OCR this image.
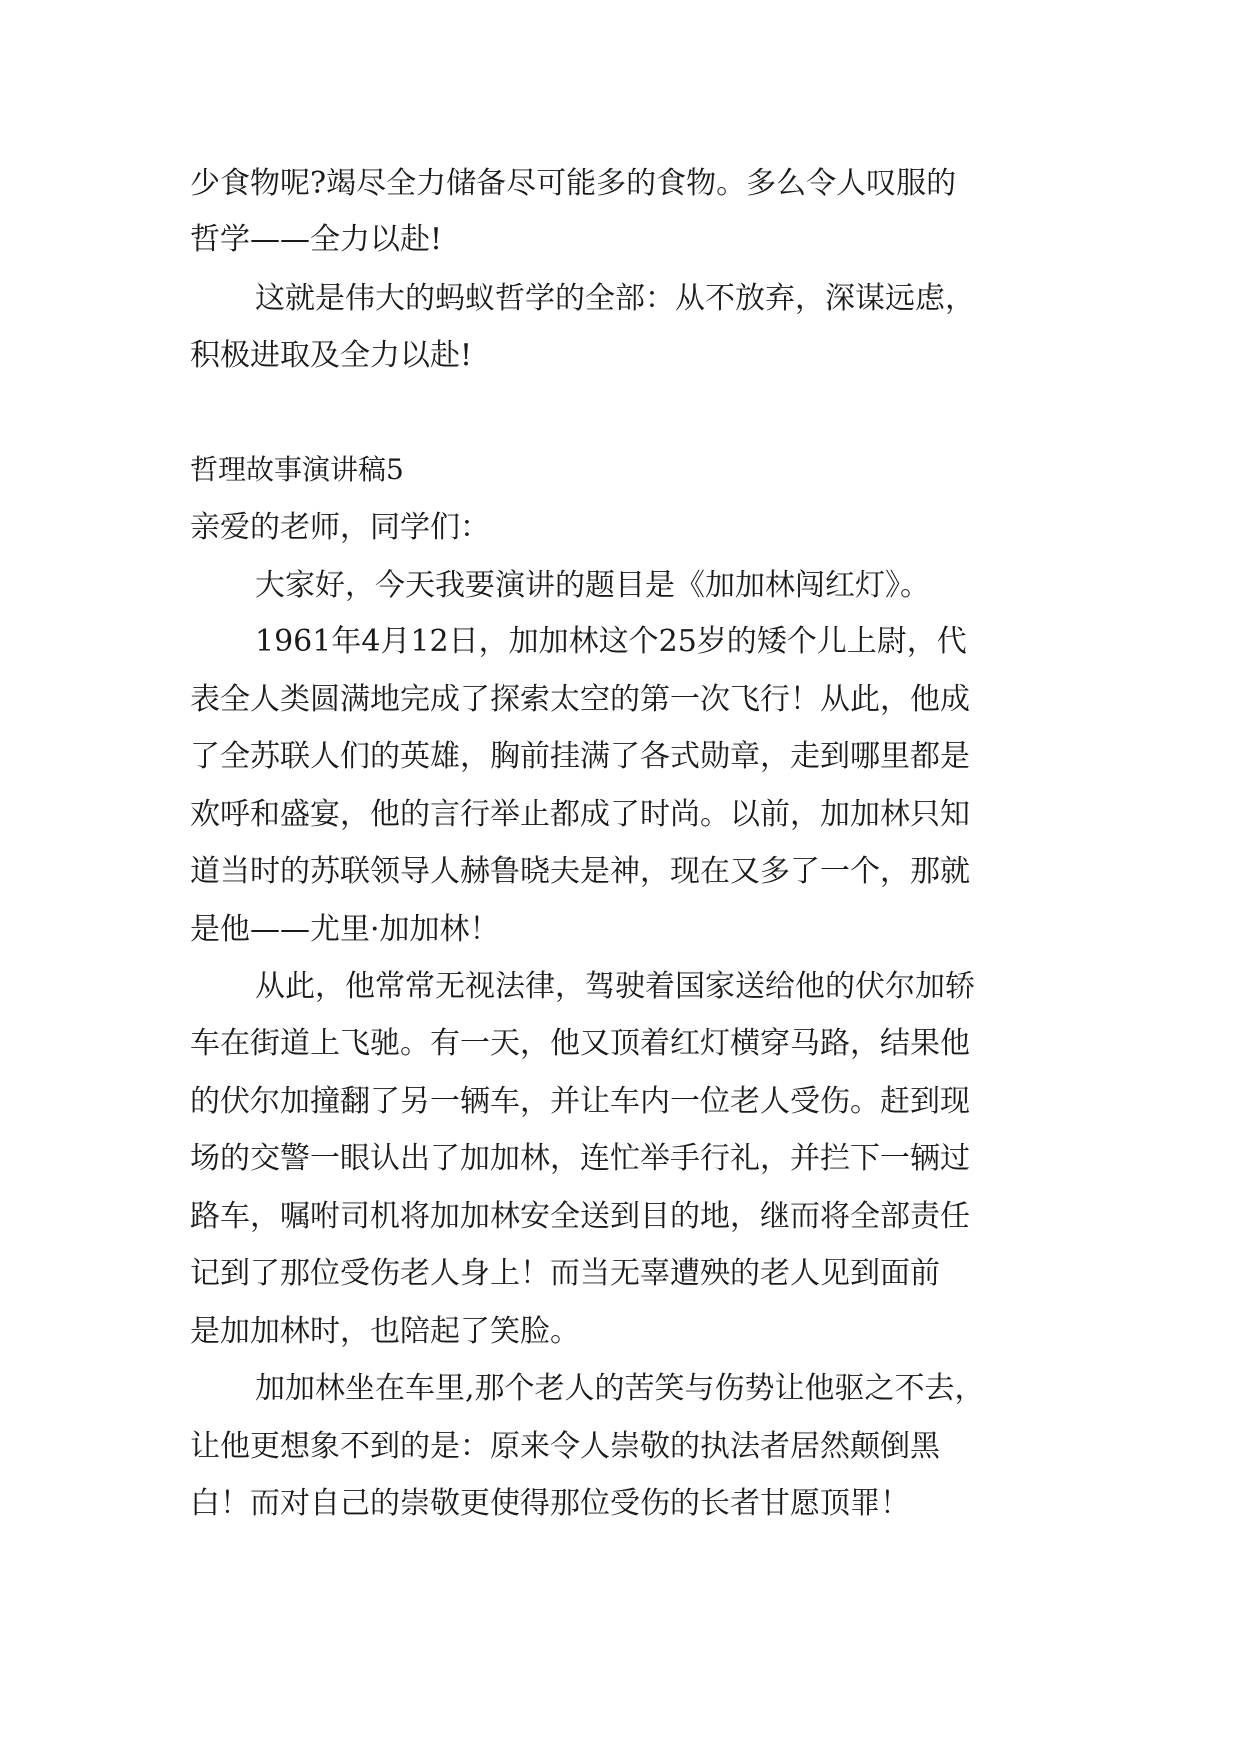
少食物呢?竭尽全力储备尽可能多的食物。多么令人叹服的
哲学——全力以赴!
这就是伟大的蚂蚁哲学的全部：从不放弃，深谋远虑，
积极进取及全力以赴!
哲理故事演讲稿5
亲爱的老师，同学们：
大家好，今天我要演讲的题目是《加加林闯红灯》。
1961年4月12日，加加林这个25岁的矮个儿上尉，代
表全人类圆满地完成了探索太空的第一次飞行！从此，他成
了全苏联人们的英雄，胸前挂满了各式勋章，走到哪里都是
欢呼和盛宴，他的言行举止都成了时尚。以前，加加林只知
道当时的苏联领导人赫鲁晓夫是神，现在又多了一个，那就
是他——尤里·加加林！
从此，他常常无视法律，驾驶着国家送给他的伏尔加轿
车在街道上飞驰。有一天，他又顶着红灯横穿马路，结果他
的伏尔加撞翻了另一辆车，并让车内一位老人受伤。赶到现
场的交警一眼认出了加加林，连忙举手行礼，并拦下一辆过
路车，嘱咐司机将加加林安全送到目的地，继而将全部责任
记到了那位受伤老人身上！而当无辜遭殃的老人见到面前
是加加林时，也陪起了笑脸。
加加林坐在车里,那个老人的苦笑与伤势让他驱之不去，
让他更想象不到的是：原来令人崇敬的执法者居然颠倒黑
白！而对自己的崇敬更使得那位受伤的长者甘愿顶罪！
